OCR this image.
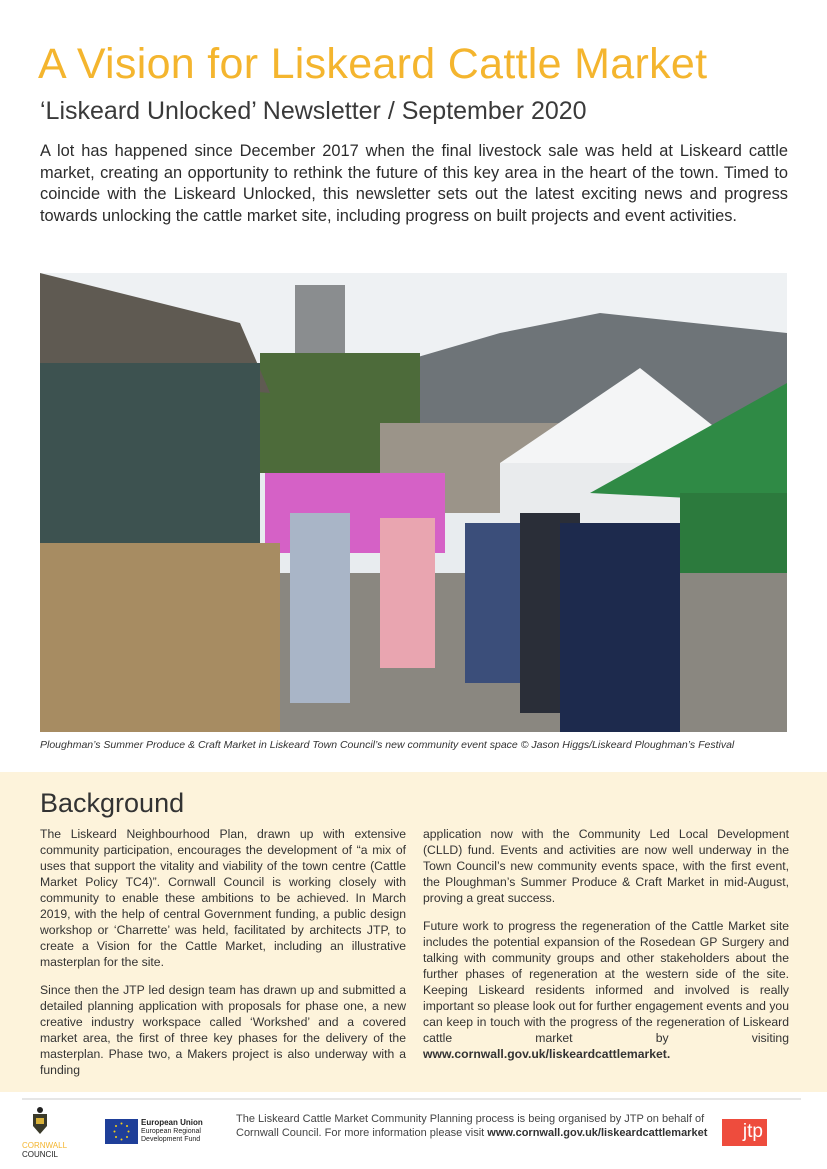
A Vision for Liskeard Cattle Market
‘Liskeard Unlocked’ Newsletter / September 2020

A lot has happened since December 2017 when the final livestock sale was held at Liskeard cattle market, creating an opportunity to rethink the future of this key area in the heart of the town. Timed to coincide with the Liskeard Unlocked, this newsletter sets out the latest exciting news and progress towards unlocking the cattle market site, including progress on built projects and event activities.

Ploughman’s Summer Produce & Craft Market in Liskeard Town Council’s new community event space © Jason Higgs/Liskeard Ploughman’s Festival

Background

The Liskeard Neighbourhood Plan, drawn up with extensive community participation, encourages the development of “a mix of uses that support the vitality and viability of the town centre (Cattle Market Policy TC4)”. Cornwall Council is working closely with community to enable these ambitions to be achieved. In March 2019, with the help of central Government funding, a public design workshop or ‘Charrette’ was held, facilitated by architects JTP, to create a Vision for the Cattle Market, including an illustrative masterplan for the site.

Since then the JTP led design team has drawn up and submitted a detailed planning application with proposals for phase one, a new creative industry workspace called ‘Workshed’ and a covered market area, the first of three key phases for the delivery of the masterplan. Phase two, a Makers project is also underway with a funding

application now with the Community Led Local Development (CLLD) fund. Events and activities are now well underway in the Town Council’s new community events space, with the first event, the Ploughman’s Summer Produce & Craft Market in mid-August, proving a great success.

Future work to progress the regeneration of the Cattle Market site includes the potential expansion of the Rosedean GP Surgery and talking with community groups and other stakeholders about the further phases of regeneration at the western side of the site. Keeping Liskeard residents informed and involved is really important so please look out for further engagement events and you can keep in touch with the progress of the regeneration of Liskeard cattle market by visiting www.cornwall.gov.uk/liskeardcattlemarket.

CORNWALL
COUNCIL
European Union
European Regional
Development Fund
The Liskeard Cattle Market Community Planning process is being organised by JTP on behalf of Cornwall Council. For more information please visit www.cornwall.gov.uk/liskeardcattlemarket	jtp
